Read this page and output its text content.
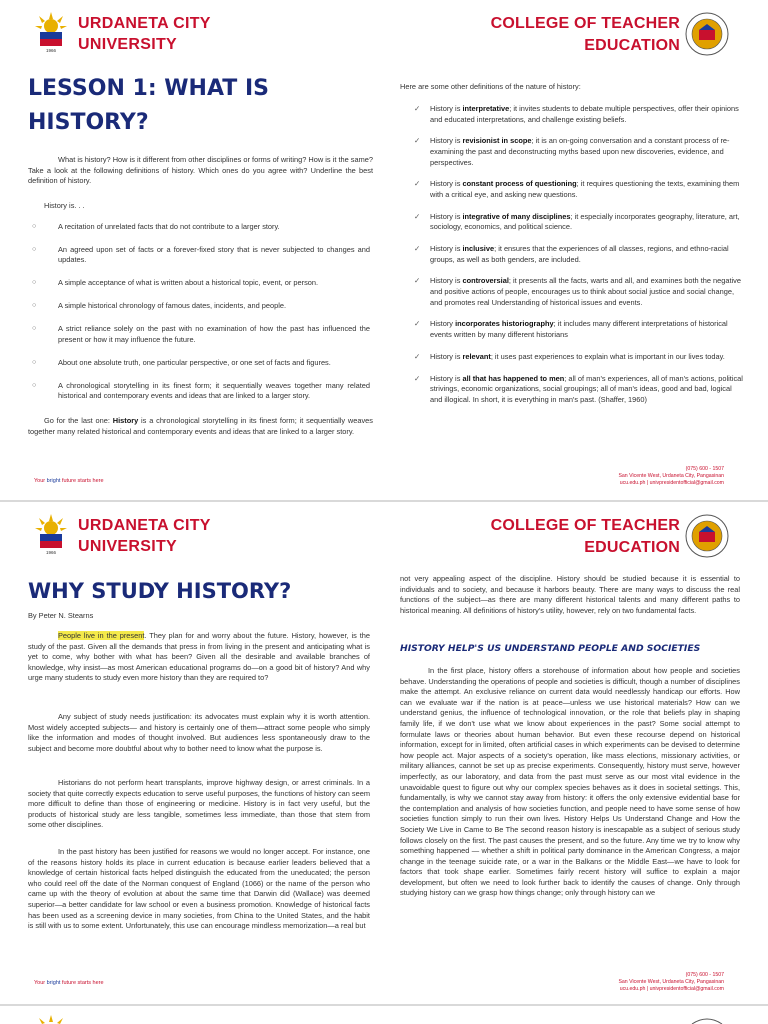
1966
URDANETA CITY
UNIVERSITY
COLLEGE OF TEACHER
EDUCATION
LESSON 1: WHAT IS
HISTORY?

What is history? How is it different from other disciplines or forms of writing? How is it the same? Take a look at the following definitions of history. Which ones do you agree with? Underline the best definition of history.

History is. . .

○	A recitation of unrelated facts that do not contribute to a larger story.
○	An agreed upon set of facts or a forever-fixed story that is never subjected to changes and updates.
○	A simple acceptance of what is written about a historical topic, event, or person.
○	A simple historical chronology of famous dates, incidents, and people.
○	A strict reliance solely on the past with no examination of how the past has influenced the present or how it may influence the future.
○	About one absolute truth, one particular perspective, or one set of facts and figures.
○	A chronological storytelling in its finest form; it sequentially weaves together many related historical and contemporary events and ideas that are linked to a larger story.

Go for the last one: History is a chronological storytelling in its finest form; it sequentially weaves together many related historical and contemporary events and ideas that are linked to a larger story.

Here are some other definitions of the nature of history:

✓ History is interpretative; it invites students to debate multiple perspectives, offer their opinions and educated interpretations, and challenge existing beliefs.
✓ History is revisionist in scope; it is an on-going conversation and a constant process of re-examining the past and deconstructing myths based upon new discoveries, evidence, and perspectives.
✓ History is constant process of questioning; it requires questioning the texts, examining them with a critical eye, and asking new questions.
✓ History is integrative of many disciplines; it especially incorporates geography, literature, art, sociology, economics, and political science.
✓ History is inclusive; it ensures that the experiences of all classes, regions, and ethno-racial groups, as well as both genders, are included.
✓ History is controversial; it presents all the facts, warts and all, and examines both the negative and positive actions of people, encourages us to think about social justice and social change, and promotes real Understanding of historical issues and events.
✓ History incorporates historiography; it includes many different interpretations of historical events written by many different historians
✓ History is relevant; it uses past experiences to explain what is important in our lives today.
✓ History is all that has happened to men; all of man's experiences, all of man's actions, political strivings, economic organizations, social groupings; all of man's ideas, good and bad, logical and illogical. In short, it is everything in man's past. (Shaffer, 1960)
Your bright future starts here
(075) 600 - 1507
San Vicente West, Urdaneta City, Pangasinan
ucu.edu.ph | univpresidentofficial@gmail.com
1966
URDANETA CITY
UNIVERSITY
COLLEGE OF TEACHER
EDUCATION
WHY STUDY HISTORY?

By Peter N. Stearns

People live in the present. They plan for and worry about the future. History, however, is the study of the past. Given all the demands that press in from living in the present and anticipating what is yet to come, why bother with what has been? Given all the desirable and available branches of knowledge, why insist—as most American educational programs do—on a good bit of history? And why urge many students to study even more history than they are required to?

Any subject of study needs justification: its advocates must explain why it is worth attention. Most widely accepted subjects— and history is certainly one of them—attract some people who simply like the information and modes of thought involved. But audiences less spontaneously draw to the subject and become more doubtful about why to bother need to know what the purpose is.

Historians do not perform heart transplants, improve highway design, or arrest criminals. In a society that quite correctly expects education to serve useful purposes, the functions of history can seem more difficult to define than those of engineering or medicine. History is in fact very useful, but the products of historical study are less tangible, sometimes less immediate, than those that stem from some other disciplines.

In the past history has been justified for reasons we would no longer accept. For instance, one of the reasons history holds its place in current education is because earlier leaders believed that a knowledge of certain historical facts helped distinguish the educated from the uneducated; the person who could reel off the date of the Norman conquest of England (1066) or the name of the person who came up with the theory of evolution at about the same time that Darwin did (Wallace) was deemed superior—a better candidate for law school or even a business promotion. Knowledge of historical facts has been used as a screening device in many societies, from China to the United States, and the habit is still with us to some extent. Unfortunately, this use can encourage mindless memorization—a real but

not very appealing aspect of the discipline. History should be studied because it is essential to individuals and to society, and because it harbors beauty. There are many ways to discuss the real functions of the subject—as there are many different historical talents and many different paths to historical meaning. All definitions of history's utility, however, rely on two fundamental facts.

HISTORY HELP'S US UNDERSTAND PEOPLE AND SOCIETIES

In the first place, history offers a storehouse of information about how people and societies behave. Understanding the operations of people and societies is difficult, though a number of disciplines make the attempt. An exclusive reliance on current data would needlessly handicap our efforts. How can we evaluate war if the nation is at peace—unless we use historical materials? How can we understand genius, the influence of technological innovation, or the role that beliefs play in shaping family life, if we don't use what we know about experiences in the past? Some social attempt to formulate laws or theories about human behavior. But even these recourse depend on historical information, except for in limited, often artificial cases in which experiments can be devised to determine how people act. Major aspects of a society's operation, like mass elections, missionary activities, or military alliances, cannot be set up as precise experiments. Consequently, history must serve, however imperfectly, as our laboratory, and data from the past must serve as our most vital evidence in the unavoidable quest to figure out why our complex species behaves as it does in societal settings. This, fundamentally, is why we cannot stay away from history: it offers the only extensive evidential base for the contemplation and analysis of how societies function, and people need to have some sense of how societies function simply to run their own lives. History Helps Us Understand Change and How the Society We Live in Came to Be The second reason history is inescapable as a subject of serious study follows closely on the first. The past causes the present, and so the future. Any time we try to know why something happened — whether a shift in political party dominance in the American Congress, a major change in the teenage suicide rate, or a war in the Balkans or the Middle East—we have to look for factors that took shape earlier. Sometimes fairly recent history will suffice to explain a major development, but often we need to look further back to identify the causes of change. Only through studying history can we grasp how things change; only through history can we

Your bright future starts here
(075) 600 - 1507
San Vicente West, Urdaneta City, Pangasinan
ucu.edu.ph | univpresidentofficial@gmail.com
